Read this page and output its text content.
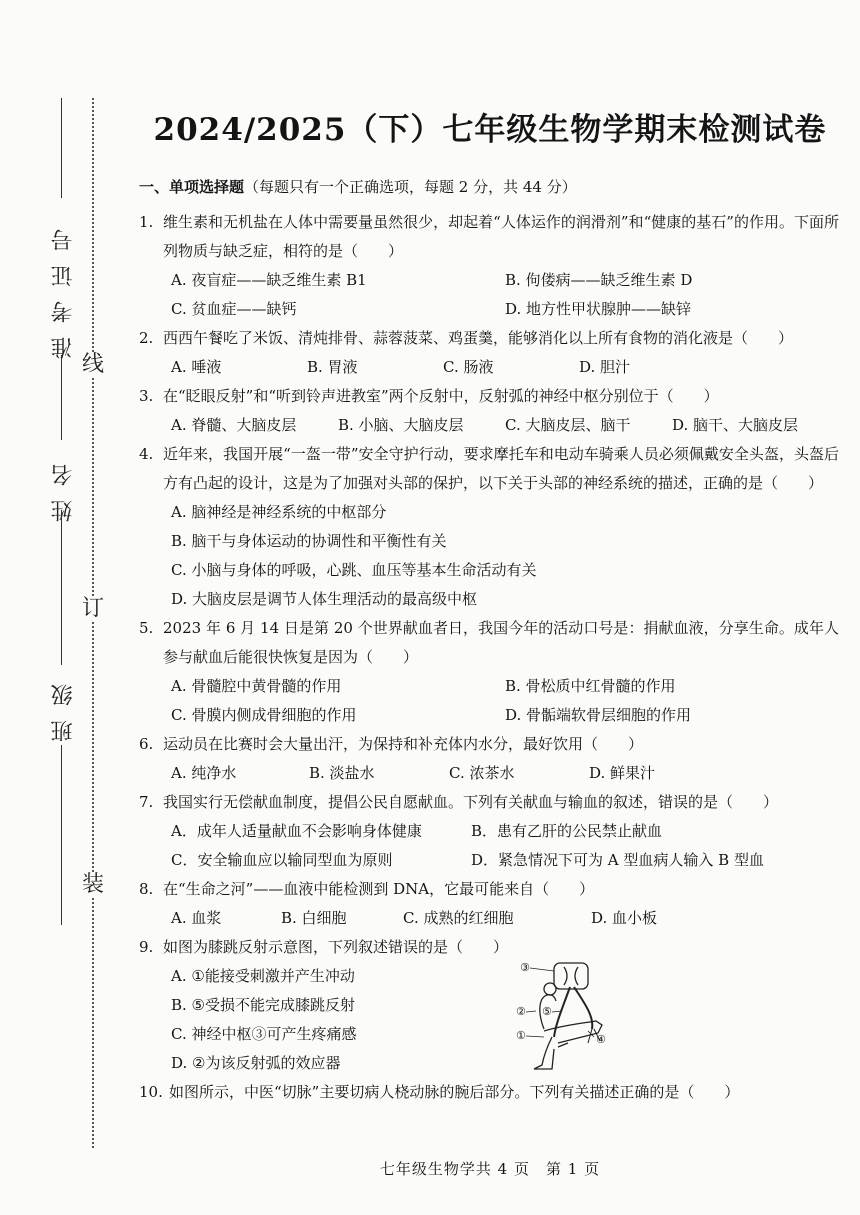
准考证号
姓名
班级
线
订
装
2024/2025（下）七年级生物学期末检测试卷
一、单项选择题（每题只有一个正确选项，每题 2 分，共 44 分）
1. 维生素和无机盐在人体中需要量虽然很少，却起着“人体运作的润滑剂”和“健康的基石”的作用。下面所列物质与缺乏症，相符的是（　　）
A. 夜盲症——缺乏维生素 B1	B. 佝偻病——缺乏维生素 D
C. 贫血症——缺钙	D. 地方性甲状腺肿——缺锌
2. 西西午餐吃了米饭、清炖排骨、蒜蓉菠菜、鸡蛋羹，能够消化以上所有食物的消化液是（　　）
A. 唾液	B. 胃液	C. 肠液	D. 胆汁
3. 在“眨眼反射”和“听到铃声进教室”两个反射中，反射弧的神经中枢分别位于（　　）
A. 脊髓、大脑皮层	B. 小脑、大脑皮层	C. 大脑皮层、脑干	D. 脑干、大脑皮层
4. 近年来，我国开展“一盔一带”安全守护行动，要求摩托车和电动车骑乘人员必须佩戴安全头盔，头盔后方有凸起的设计，这是为了加强对头部的保护，以下关于头部的神经系统的描述，正确的是（　　）
A. 脑神经是神经系统的中枢部分
B. 脑干与身体运动的协调性和平衡性有关
C. 小脑与身体的呼吸，心跳、血压等基本生命活动有关
D. 大脑皮层是调节人体生理活动的最高级中枢
5. 2023 年 6 月 14 日是第 20 个世界献血者日，我国今年的活动口号是：捐献血液，分享生命。成年人参与献血后能很快恢复是因为（　　）
A. 骨髓腔中黄骨髓的作用	B. 骨松质中红骨髓的作用
C. 骨膜内侧成骨细胞的作用	D. 骨骺端软骨层细胞的作用
6. 运动员在比赛时会大量出汗，为保持和补充体内水分，最好饮用（　　）
A. 纯净水	B. 淡盐水	C. 浓茶水	D. 鲜果汁
7. 我国实行无偿献血制度，提倡公民自愿献血。下列有关献血与输血的叙述，错误的是（　　）
A．成年人适量献血不会影响身体健康	B．患有乙肝的公民禁止献血
C．安全输血应以输同型血为原则	D．紧急情况下可为 A 型血病人输入 B 型血
8. 在“生命之河”——血液中能检测到 DNA，它最可能来自（　　）
A. 血浆	B. 白细胞	C. 成熟的红细胞	D. 血小板
9. 如图为膝跳反射示意图，下列叙述错误的是（　　）
A. ①能接受刺激并产生冲动
B. ⑤受损不能完成膝跳反射
C. 神经中枢③可产生疼痛感
D. ②为该反射弧的效应器
③
② ⑤
①	④
10. 如图所示，中医“切脉”主要切病人桡动脉的腕后部分。下列有关描述正确的是（　　）
七年级生物学共 4 页　第 1 页
